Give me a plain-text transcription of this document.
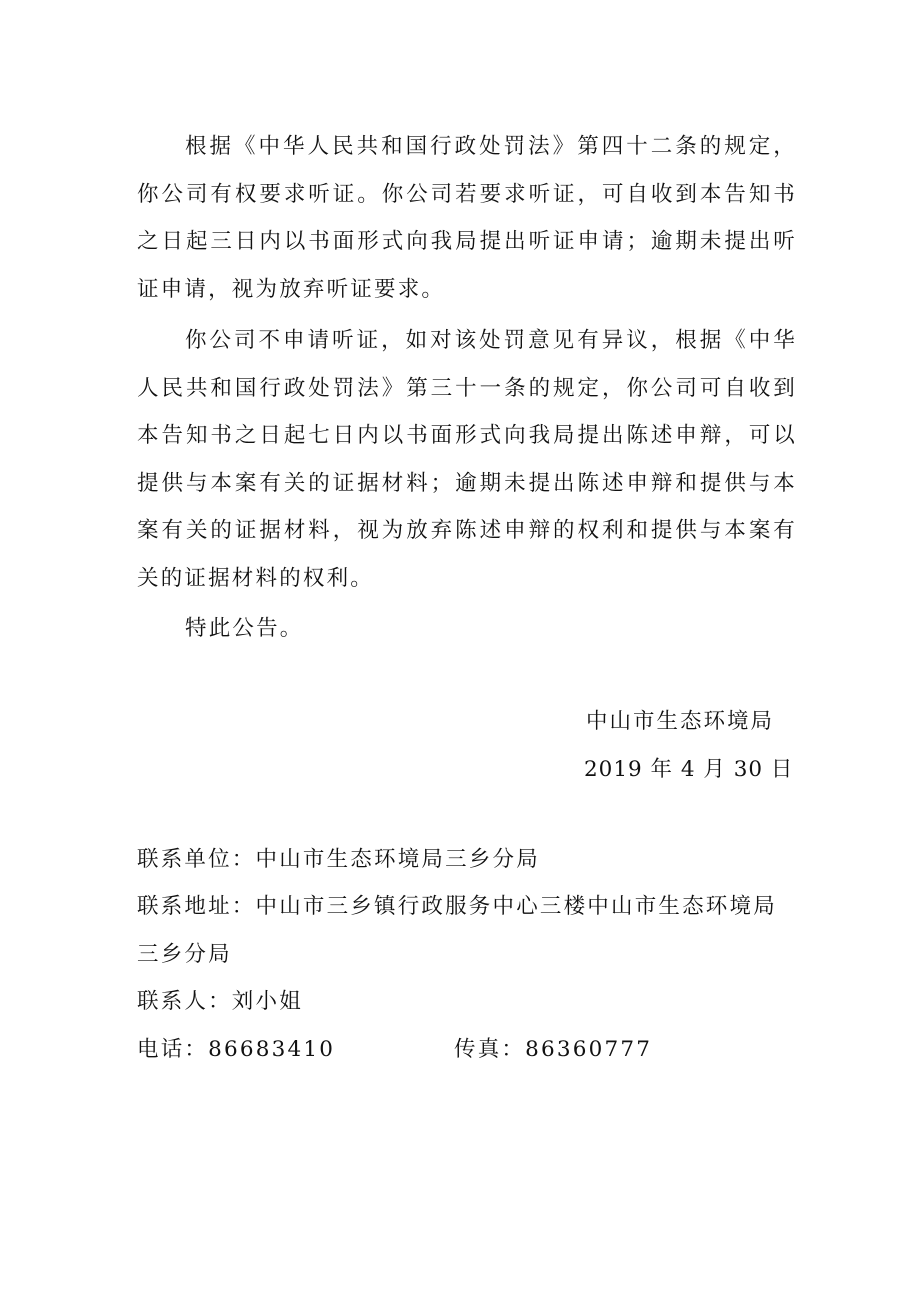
根据《中华人民共和国行政处罚法》第四十二条的规定，你公司有权要求听证。你公司若要求听证，可自收到本告知书之日起三日内以书面形式向我局提出听证申请；逾期未提出听证申请，视为放弃听证要求。

你公司不申请听证，如对该处罚意见有异议，根据《中华人民共和国行政处罚法》第三十一条的规定，你公司可自收到本告知书之日起七日内以书面形式向我局提出陈述申辩，可以提供与本案有关的证据材料；逾期未提出陈述申辩和提供与本案有关的证据材料，视为放弃陈述申辩的权利和提供与本案有关的证据材料的权利。

特此公告。

中山市生态环境局

2019 年 4 月 30 日

联系单位：中山市生态环境局三乡分局

联系地址：中山市三乡镇行政服务中心三楼中山市生态环境局三乡分局

联系人：刘小姐

电话：86683410	传真：86360777
